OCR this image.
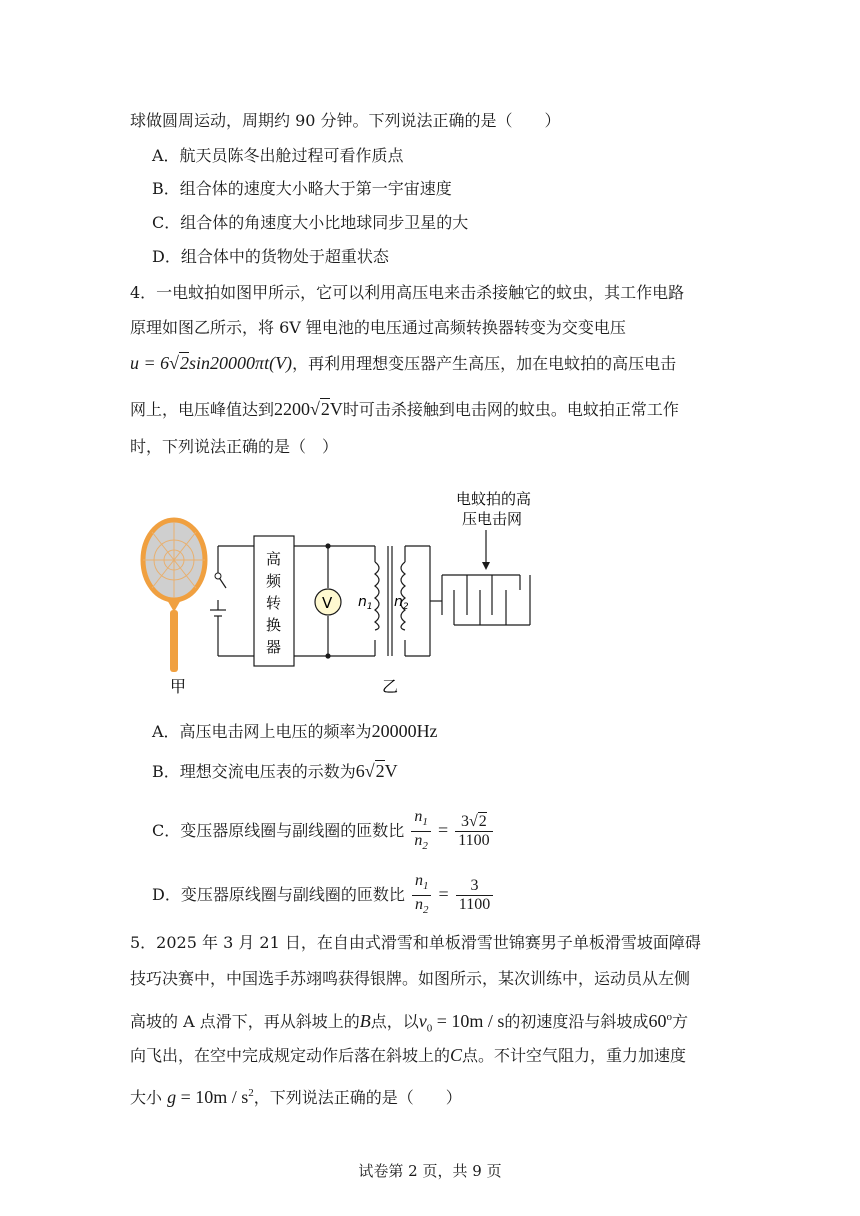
球做圆周运动，周期约 90 分钟。下列说法正确的是（　　）
A．航天员陈冬出舱过程可看作质点
B．组合体的速度大小略大于第一宇宙速度
C．组合体的角速度大小比地球同步卫星的大
D．组合体中的货物处于超重状态
4．一电蚊拍如图甲所示，它可以利用高压电来击杀接触它的蚊虫，其工作电路
原理如图乙所示，将 6V 锂电池的电压通过高频转换器转变为交变电压
u = 6√2sin20000πt(V)，再利用理想变压器产生高压，加在电蚊拍的高压电击
网上，电压峰值达到2200√2V时可击杀接触到电击网的蚊虫。电蚊拍正常工作
时，下列说法正确的是（　）
甲
高
频
转
换
器
V $n_1$ $n_2$
电蚊拍的高
压电击网
乙
A．高压电击网上电压的频率为20000Hz
B．理想交流电压表的示数为6√2V
C．变压器原线圈与副线圈的匝数比 $\frac{n_1}{n_2} = \frac{3√2}{1100}$
D．变压器原线圈与副线圈的匝数比 $\frac{n_1}{n_2} = \frac{3}{1100}$
5．2025 年 3 月 21 日，在自由式滑雪和单板滑雪世锦赛男子单板滑雪坡面障碍
技巧决赛中，中国选手苏翊鸣获得银牌。如图所示，某次训练中，运动员从左侧
高坡的 A 点滑下，再从斜坡上的B点，以$v_0 = 10m / s$的初速度沿与斜坡成60$^o$方
向飞出，在空中完成规定动作后落在斜坡上的C点。不计空气阻力，重力加速度
大小 $g = 10m / s^2$，下列说法正确的是（　　）
试卷第 2 页，共 9 页
